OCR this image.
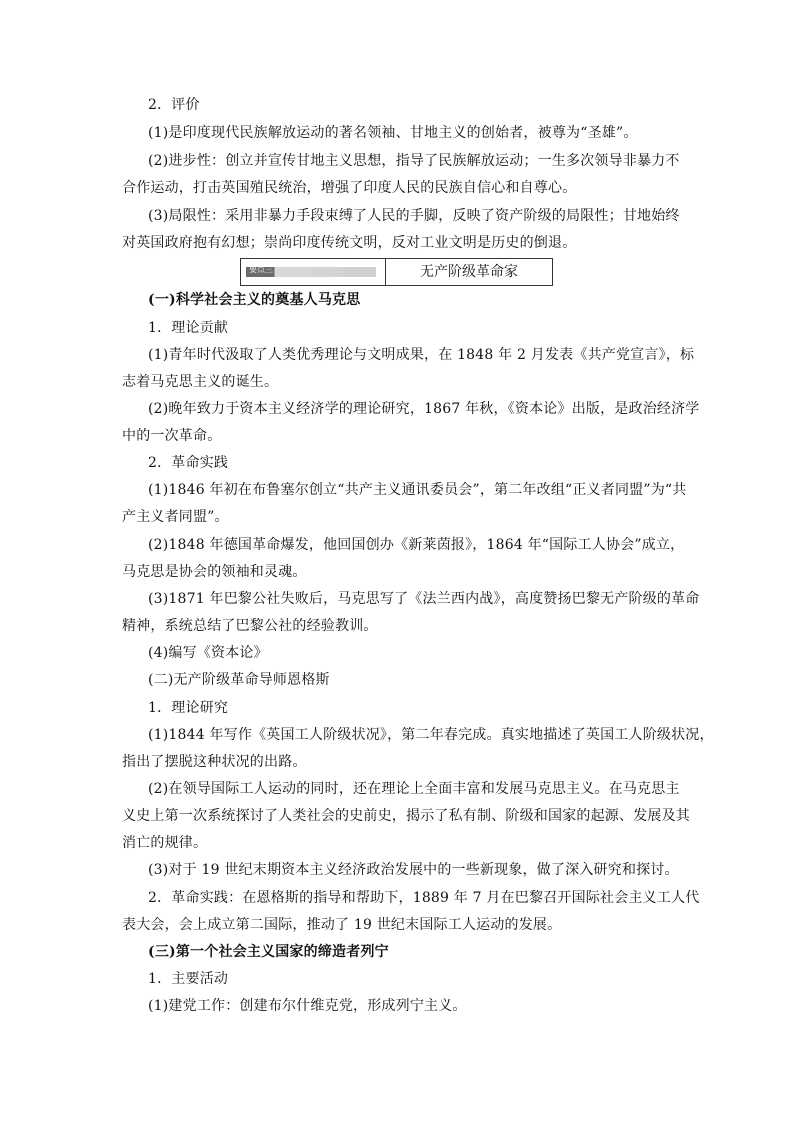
2．评价
(1)是印度现代民族解放运动的著名领袖、甘地主义的创始者，被尊为“圣雄”。
(2)进步性：创立并宣传甘地主义思想，指导了民族解放运动；一生多次领导非暴力不
合作运动，打击英国殖民统治，增强了印度人民的民族自信心和自尊心。
(3)局限性：采用非暴力手段束缚了人民的手脚，反映了资产阶级的局限性；甘地始终
对英国政府抱有幻想；崇尚印度传统文明，反对工业文明是历史的倒退。
要点三	无产阶级革命家
(一)科学社会主义的奠基人马克思
1．理论贡献
(1)青年时代汲取了人类优秀理论与文明成果，在 1848 年 2 月发表《共产党宣言》，标
志着马克思主义的诞生。
(2)晚年致力于资本主义经济学的理论研究，1867 年秋，《资本论》出版，是政治经济学
中的一次革命。
2．革命实践
(1)1846 年初在布鲁塞尔创立“共产主义通讯委员会”，第二年改组“正义者同盟”为“共
产主义者同盟”。
(2)1848 年德国革命爆发，他回国创办《新莱茵报》，1864 年“国际工人协会”成立，
马克思是协会的领袖和灵魂。
(3)1871 年巴黎公社失败后，马克思写了《法兰西内战》，高度赞扬巴黎无产阶级的革命
精神，系统总结了巴黎公社的经验教训。
(4)编写《资本论》
(二)无产阶级革命导师恩格斯
1．理论研究
(1)1844 年写作《英国工人阶级状况》，第二年春完成。真实地描述了英国工人阶级状况，
指出了摆脱这种状况的出路。
(2)在领导国际工人运动的同时，还在理论上全面丰富和发展马克思主义。在马克思主
义史上第一次系统探讨了人类社会的史前史，揭示了私有制、阶级和国家的起源、发展及其
消亡的规律。
(3)对于 19 世纪末期资本主义经济政治发展中的一些新现象，做了深入研究和探讨。
2．革命实践：在恩格斯的指导和帮助下，1889 年 7 月在巴黎召开国际社会主义工人代
表大会，会上成立第二国际，推动了 19 世纪末国际工人运动的发展。
(三)第一个社会主义国家的缔造者列宁
1．主要活动
(1)建党工作：创建布尔什维克党，形成列宁主义。
